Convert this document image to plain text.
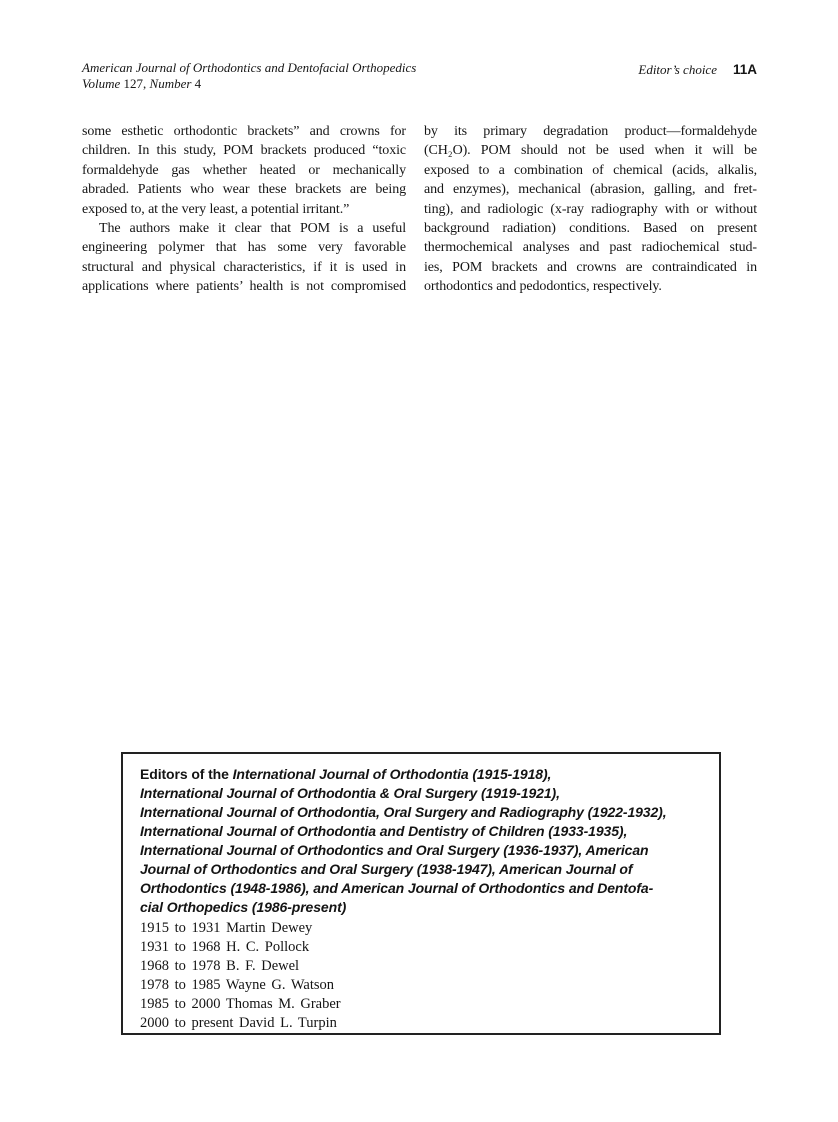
American Journal of Orthodontics and Dentofacial Orthopedics
Volume 127, Number 4
Editor’s choice 11A
some esthetic orthodontic brackets” and crowns for
children. In this study, POM brackets produced “toxic
formaldehyde gas whether heated or mechanically
abraded. Patients who wear these brackets are being
exposed to, at the very least, a potential irritant.”
The authors make it clear that POM is a useful
engineering polymer that has some very favorable
structural and physical characteristics, if it is used in
applications where patients’ health is not compromised
by its primary degradation product—formaldehyde
(CH₂O). POM should not be used when it will be
exposed to a combination of chemical (acids, alkalis,
and enzymes), mechanical (abrasion, galling, and fret-
ting), and radiologic (x-ray radiography with or without
background radiation) conditions. Based on present
thermochemical analyses and past radiochemical stud-
ies, POM brackets and crowns are contraindicated in
orthodontics and pedodontics, respectively.
Editors of the International Journal of Orthodontia (1915-1918),
International Journal of Orthodontia & Oral Surgery (1919-1921),
International Journal of Orthodontia, Oral Surgery and Radiography (1922-1932),
International Journal of Orthodontia and Dentistry of Children (1933-1935),
International Journal of Orthodontics and Oral Surgery (1936-1937), American
Journal of Orthodontics and Oral Surgery (1938-1947), American Journal of
Orthodontics (1948-1986), and American Journal of Orthodontics and Dentofa-
cial Orthopedics (1986-present)
1915 to 1931 Martin Dewey
1931 to 1968 H. C. Pollock
1968 to 1978 B. F. Dewel
1978 to 1985 Wayne G. Watson
1985 to 2000 Thomas M. Graber
2000 to present David L. Turpin
